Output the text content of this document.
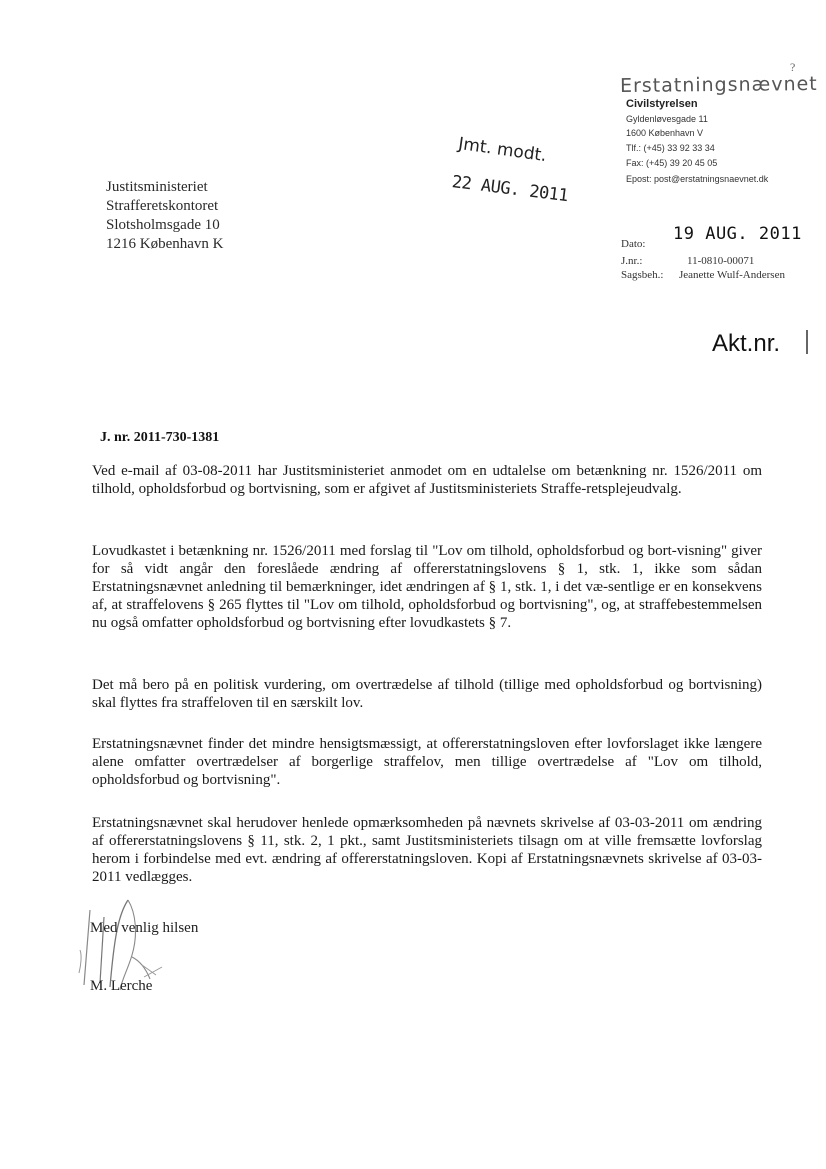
?
Erstatningsnævnet
Civilstyrelsen
Gyldenløvesgade 11
1600 København V
Tlf.: (+45) 33 92 33 34
Fax: (+45) 39 20 45 05
Epost: post@erstatningsnaevnet.dk
Jmt. modt.
22 AUG. 2011
Justitsministeriet
Strafferetskontoret
Slotsholmsgade 10
1216 København K	19 AUG. 2011
Dato:
J.nr.:	11-0810-00071
Sagsbeh.: Jeanette Wulf-Andersen
Akt.nr.
J. nr. 2011-730-1381
Ved e-mail af 03-08-2011 har Justitsministeriet anmodet om en udtalelse om betænkning nr. 1526/2011 om tilhold, opholdsforbud og bortvisning, som er afgivet af Justitsministeriets Straffe-retsplejeudvalg.
Lovudkastet i betænkning nr. 1526/2011 med forslag til "Lov om tilhold, opholdsforbud og bort-visning" giver for så vidt angår den foreslåede ændring af offererstatningslovens § 1, stk. 1, ikke som sådan Erstatningsnævnet anledning til bemærkninger, idet ændringen af § 1, stk. 1, i det væ-sentlige er en konsekvens af, at straffelovens § 265 flyttes til "Lov om tilhold, opholdsforbud og bortvisning", og, at straffebestemmelsen nu også omfatter opholdsforbud og bortvisning efter lovudkastets § 7.
Det må bero på en politisk vurdering, om overtrædelse af tilhold (tillige med opholdsforbud og bortvisning) skal flyttes fra straffeloven til en særskilt lov.
Erstatningsnævnet finder det mindre hensigtsmæssigt, at offererstatningsloven efter lovforslaget ikke længere alene omfatter overtrædelser af borgerlige straffelov, men tillige overtrædelse af "Lov om tilhold, opholdsforbud og bortvisning".
Erstatningsnævnet skal herudover henlede opmærksomheden på nævnets skrivelse af 03-03-2011 om ændring af offererstatningslovens § 11, stk. 2, 1 pkt., samt Justitsministeriets tilsagn om at ville fremsætte lovforslag herom i forbindelse med evt. ændring af offererstatningsloven. Kopi af Erstatningsnævnets skrivelse af 03-03-2011 vedlægges.
Med venlig hilsen
M. Lerche
